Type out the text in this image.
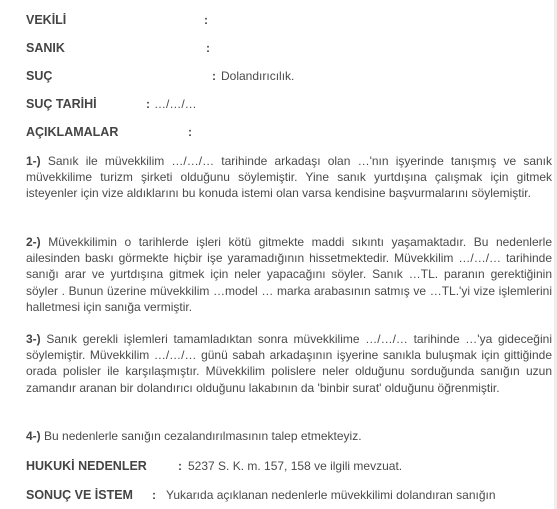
VEKİLİ	:
SANIK	:
SUÇ	: Dolandırıcılık.
SUÇ TARİHİ	: …/…/…
AÇIKLAMALAR	:
1-) Sanık ile müvekkilim …/…/… tarihinde arkadaşı olan …'nın işyerinde tanışmış ve sanık müvekkilime turizm şirketi olduğunu söylemiştir. Yine sanık yurtdışına çalışmak için gitmek isteyenler için vize aldıklarını bu konuda istemi olan varsa kendisine başvurmalarını söylemiştir.
2-) Müvekkilimin o tarihlerde işleri kötü gitmekte maddi sıkıntı yaşamaktadır. Bu nedenlerle ailesinden baskı görmekte hiçbir işe yaramadığının hissetmektedir. Müvekkilim …/…/… tarihinde sanığı arar ve yurtdışına gitmek için neler yapacağını söyler. Sanık …TL. paranın gerektiğinin söyler . Bunun üzerine müvekkilim …model … marka arabasının satmış ve …TL.'yi vize işlemlerini halletmesi için sanığa vermiştir.
3-) Sanık gerekli işlemleri tamamladıktan sonra müvekkilime …/…/… tarihinde …'ya gideceğini söylemiştir. Müvekkilim …/…/… günü sabah arkadaşının işyerine sanıkla buluşmak için gittiğinde orada polisler ile karşılaşmıştır. Müvekkilim polislere neler olduğunu sorduğunda sanığın uzun zamandır aranan bir dolandırıcı olduğunu lakabının da 'binbir surat' olduğunu öğrenmiştir.
4-) Bu nedenlerle sanığın cezalandırılmasının talep etmekteyiz.
HUKUKİ NEDENLER	: 5237 S. K. m. 157, 158 ve ilgili mevzuat.
SONUÇ VE İSTEM : Yukarıda açıklanan nedenlerle müvekkilimi dolandıran sanığın
